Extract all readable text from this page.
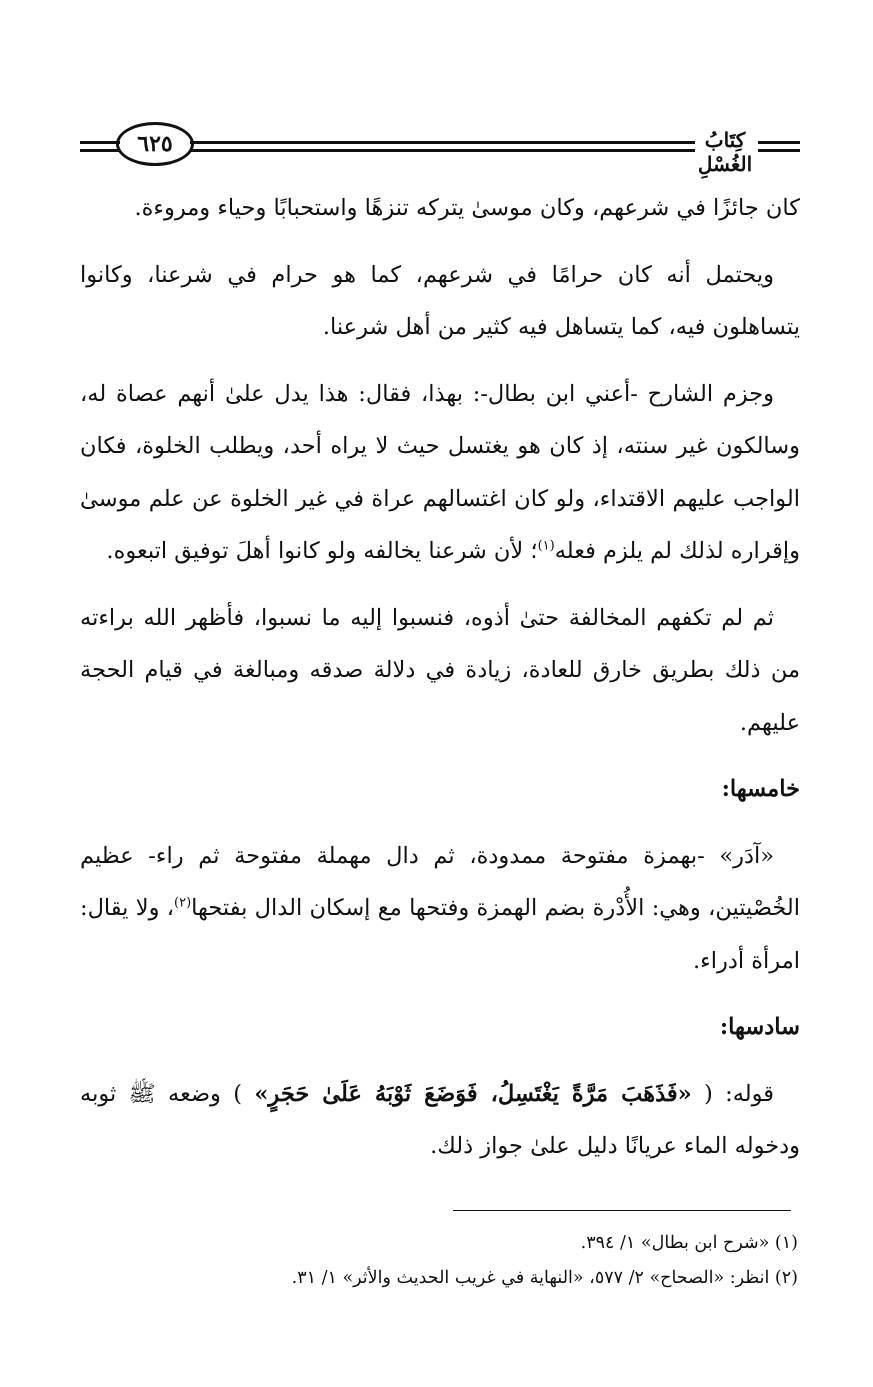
٦٢٥	كِتَابُ الغُسْلِ

كان جائزًا في شرعهم، وكان موسىٰ يتركه تنزهًا واستحبابًا وحياء ومروءة.

ويحتمل أنه كان حرامًا في شرعهم، كما هو حرام في شرعنا، وكانوا يتساهلون فيه، كما يتساهل فيه كثير من أهل شرعنا.

وجزم الشارح -أعني ابن بطال-: بهذا، فقال: هذا يدل علىٰ أنهم عصاة له، وسالكون غير سنته، إذ كان هو يغتسل حيث لا يراه أحد، ويطلب الخلوة، فكان الواجب عليهم الاقتداء، ولو كان اغتسالهم عراة في غير الخلوة عن علم موسىٰ وإقراره لذلك لم يلزم فعله$^{(١)}$؛ لأن شرعنا يخالفه ولو كانوا أهلَ توفيق اتبعوه.

ثم لم تكفهم المخالفة حتىٰ أذوه، فنسبوا إليه ما نسبوا، فأظهر الله براءته من ذلك بطريق خارق للعادة، زيادة في دلالة صدقه ومبالغة في قيام الحجة عليهم.

خامسها:

«آدَر» -بهمزة مفتوحة ممدودة، ثم دال مهملة مفتوحة ثم راء- عظيم الخُصْيتين، وهي: الأُدْرة بضم الهمزة وفتحها مع إسكان الدال بفتحها$^{(٢)}$، ولا يقال: امرأة أدراء.

سادسها:

قوله: ( «فَذَهَبَ مَرَّةً يَغْتَسِلُ، فَوَضَعَ ثَوْبَهُ عَلَىٰ حَجَرٍ» ) وضعه ﷺ ثوبه ودخوله الماء عريانًا دليل علىٰ جواز ذلك.

(١) «شرح ابن بطال» ١/ ٣٩٤.

(٢) انظر: «الصحاح» ٢/ ٥٧٧، «النهاية في غريب الحديث والأثر» ١/ ٣١.
